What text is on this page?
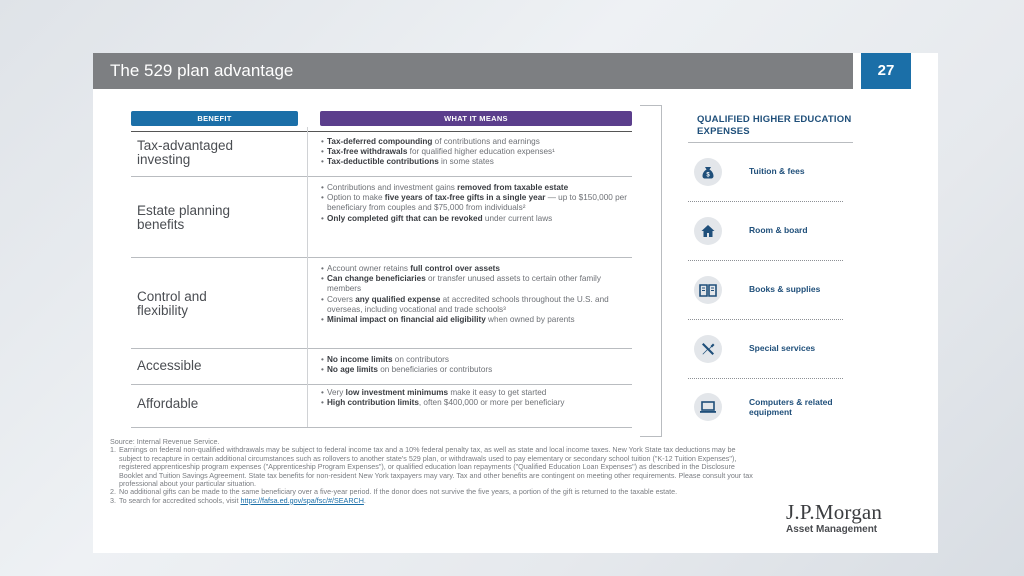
The 529 plan advantage	27
BENEFIT	WHAT IT MEANS
Tax-advantaged investing
• Tax-deferred compounding of contributions and earnings
• Tax-free withdrawals for qualified higher education expenses¹
• Tax-deductible contributions in some states
Estate planning benefits
• Contributions and investment gains removed from taxable estate
• Option to make five years of tax-free gifts in a single year — up to $150,000 per beneficiary from couples and $75,000 from individuals²
• Only completed gift that can be revoked under current laws
Control and flexibility
• Account owner retains full control over assets
• Can change beneficiaries or transfer unused assets to certain other family members
• Covers any qualified expense at accredited schools throughout the U.S. and overseas, including vocational and trade schools³
• Minimal impact on financial aid eligibility when owned by parents
Accessible
•	No income limits on contributors
• No age limits on beneficiaries or contributors
Affordable
• Very low investment minimums make it easy to get started
• High contribution limits, often $400,000 or more per beneficiary
QUALIFIED HIGHER EDUCATION EXPENSES
$	Tuition & fees
Room & board
Books & supplies
Special services
Computers & related equipment
Source: Internal Revenue Service.
1. Earnings on federal non-qualified withdrawals may be subject to federal income tax and a 10% federal penalty tax, as well as state and local income taxes. New York State tax deductions may be subject to recapture in certain additional circumstances such as rollovers to another state's 529 plan, or withdrawals used to pay elementary or secondary school tuition ("K-12 Tuition Expenses"), registered apprenticeship program expenses ("Apprenticeship Program Expenses"), or qualified education loan repayments ("Qualified Education Loan Expenses") as described in the Disclosure Booklet and Tuition Savings Agreement. State tax benefits for non-resident New York taxpayers may vary. Tax and other benefits are contingent on meeting other requirements. Please consult your tax professional about your particular situation.
2. No additional gifts can be made to the same beneficiary over a five-year period. If the donor does not survive the five years, a portion of the gift is returned to the taxable estate.
3. To search for accredited schools, visit https://fafsa.ed.gov/spa/fsc/#/SEARCH.	J.P.Morgan
Asset Management
